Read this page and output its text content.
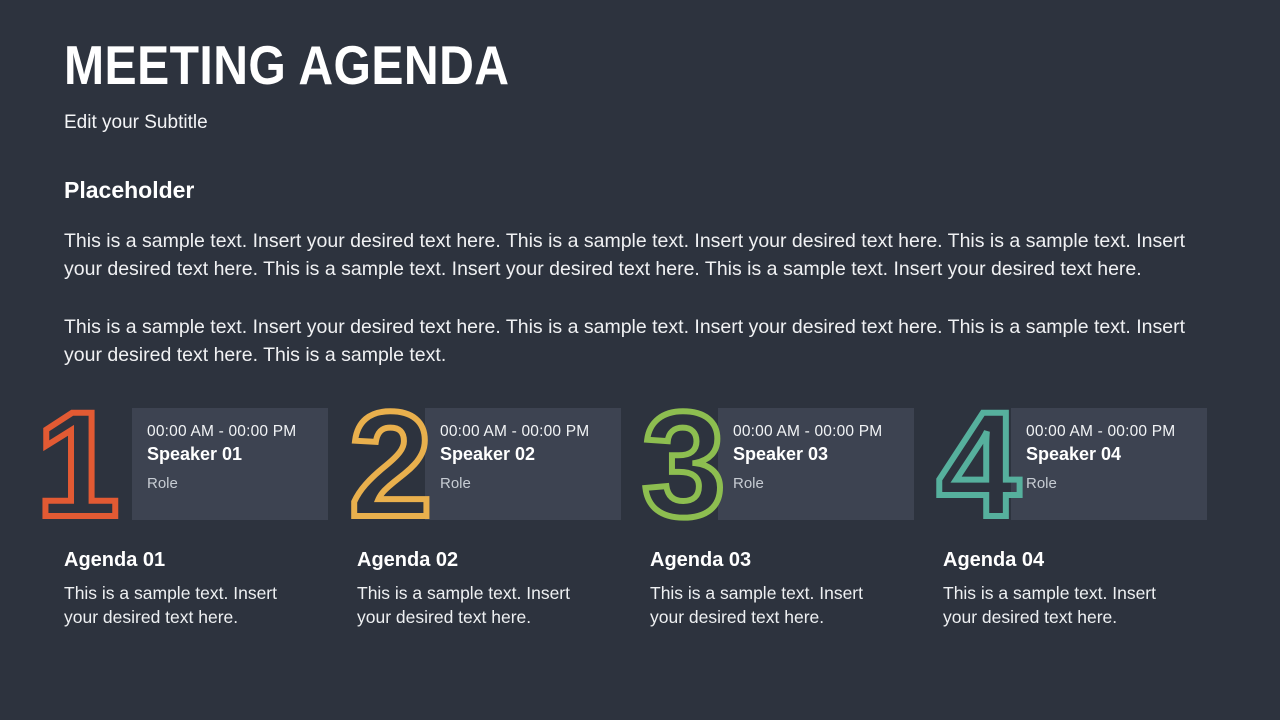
MEETING AGENDA
Edit your Subtitle
Placeholder

This is a sample text. Insert your desired text here. This is a sample text. Insert your desired text here. This is a sample text. Insert your desired text here. This is a sample text. Insert your desired text here. This is a sample text. Insert your desired text here.

This is a sample text. Insert your desired text here. This is a sample text. Insert your desired text here. This is a sample text. Insert your desired text here. This is a sample text.

1 00:00 AM - 00:00 PM
Speaker 01
Role
Agenda 01
This is a sample text. Insert your desired text here.
2 00:00 AM - 00:00 PM
Speaker 02
Role
Agenda 02
This is a sample text. Insert your desired text here.
3 00:00 AM - 00:00 PM
Speaker 03
Role
Agenda 03
This is a sample text. Insert your desired text here.
4 00:00 AM - 00:00 PM
Speaker 04
Role
Agenda 04
This is a sample text. Insert your desired text here.
